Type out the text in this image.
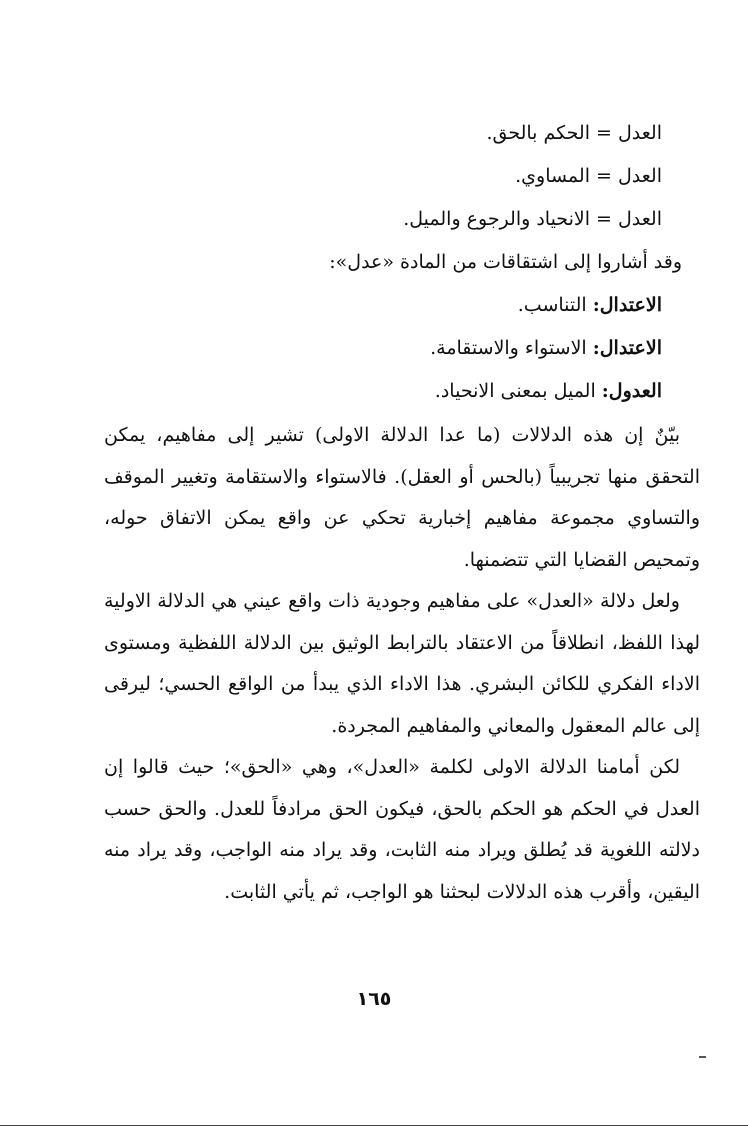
العدل = الحكم بالحق.
العدل = المساوي.
العدل = الانحياد والرجوع والميل.
وقد أشاروا إلى اشتقاقات من المادة «عدل»:
الاعتدال: التناسب.
الاعتدال: الاستواء والاستقامة.
العدول: الميل بمعنى الانحياد.

بيّنٌ إن هذه الدلالات (ما عدا الدلالة الاولى) تشير إلى مفاهيم، يمكن التحقق منها تجريبياً (بالحس أو العقل). فالاستواء والاستقامة وتغيير الموقف والتساوي مجموعة مفاهيم إخبارية تحكي عن واقع يمكن الاتفاق حوله، وتمحيص القضايا التي تتضمنها.

ولعل دلالة «العدل» على مفاهيم وجودية ذات واقع عيني هي الدلالة الاولية لهذا اللفظ، انطلاقاً من الاعتقاد بالترابط الوثيق بين الدلالة اللفظية ومستوى الاداء الفكري للكائن البشري. هذا الاداء الذي يبدأ من الواقع الحسي؛ ليرقى إلى عالم المعقول والمعاني والمفاهيم المجردة.

لكن أمامنا الدلالة الاولى لكلمة «العدل»، وهي «الحق»؛ حيث قالوا إن العدل في الحكم هو الحكم بالحق، فيكون الحق مرادفاً للعدل. والحق حسب دلالته اللغوية قد يُطلق ويراد منه الثابت، وقد يراد منه الواجب، وقد يراد منه اليقين، وأقرب هذه الدلالات لبحثنا هو الواجب، ثم يأتي الثابت.

١٦٥
